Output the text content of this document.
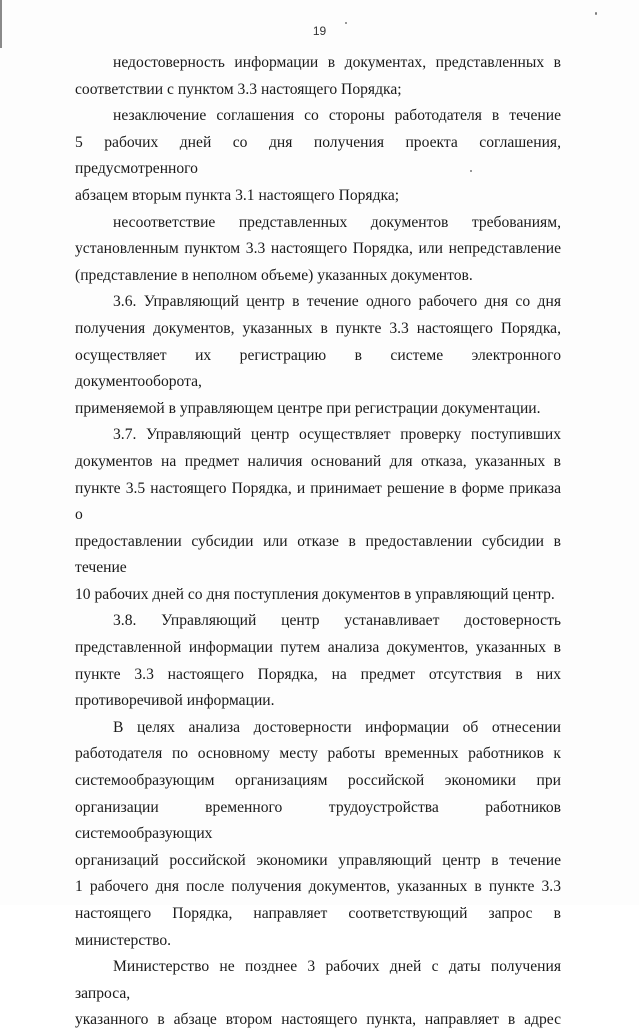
19
недостоверность информации в документах, представленных в
соответствии с пунктом 3.3 настоящего Порядка;
незаключение соглашения со стороны работодателя в течение
5 рабочих дней со дня получения проекта соглашения, предусмотренного
абзацем вторым пункта 3.1 настоящего Порядка;
несоответствие представленных документов требованиям,
установленным пунктом 3.3 настоящего Порядка, или непредставление
(представление в неполном объеме) указанных документов.
3.6. Управляющий центр в течение одного рабочего дня со дня
получения документов, указанных в пункте 3.3 настоящего Порядка,
осуществляет их регистрацию в системе электронного документооборота,
применяемой в управляющем центре при регистрации документации.
3.7. Управляющий центр осуществляет проверку поступивших
документов на предмет наличия оснований для отказа, указанных в
пункте 3.5 настоящего Порядка, и принимает решение в форме приказа о
предоставлении субсидии или отказе в предоставлении субсидии в течение
10 рабочих дней со дня поступления документов в управляющий центр.
3.8. Управляющий центр устанавливает достоверность
представленной информации путем анализа документов, указанных в
пункте 3.3 настоящего Порядка, на предмет отсутствия в них
противоречивой информации.
В целях анализа достоверности информации об отнесении
работодателя по основному месту работы временных работников к
системообразующим организациям российской экономики при
организации временного трудоустройства работников системообразующих
организаций российской экономики управляющий центр в течение
1 рабочего дня после получения документов, указанных в пункте 3.3
настоящего Порядка, направляет соответствующий запрос в министерство.
Министерство не позднее 3 рабочих дней с даты получения запроса,
указанного в абзаце втором настоящего пункта, направляет в адрес
